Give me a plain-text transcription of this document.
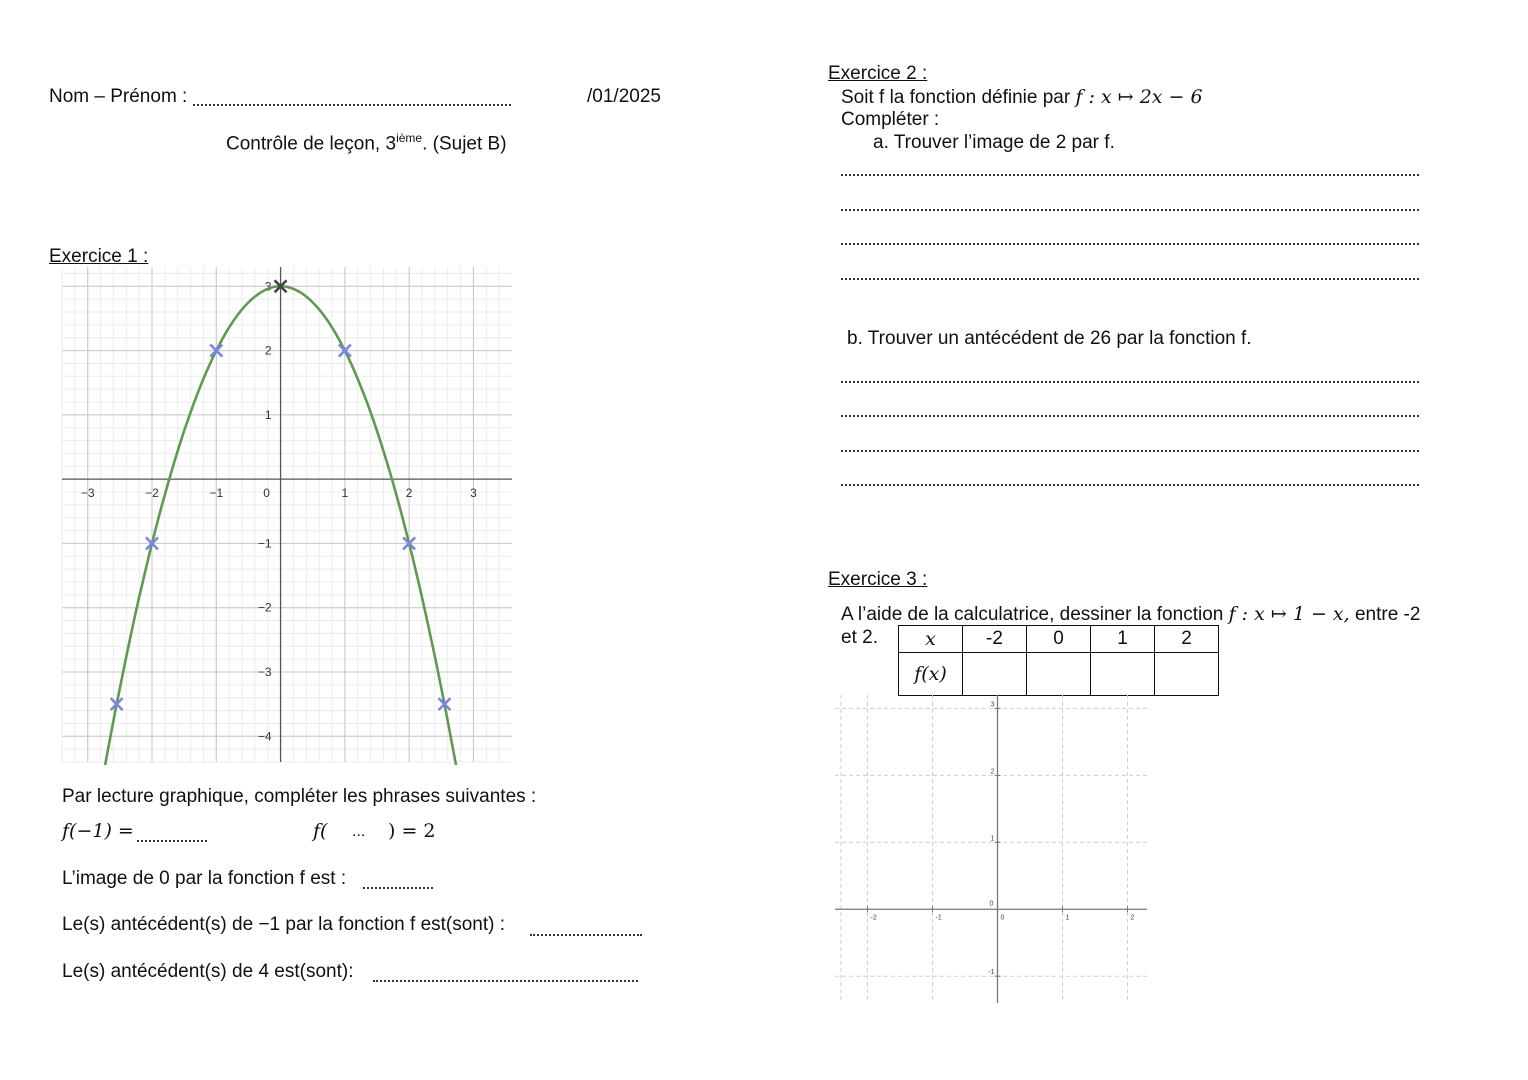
Nom – Prénom :	/01/2025
Contrôle de leçon, 3ième. (Sujet B)
Exercice 1 :
−3	−2	−1	0	1	2	3
−4
−3
−2
−1
1
2
3
Par lecture graphique, compléter les phrases suivantes :
f(−1) =	f( ... ) = 2
L’image de 0 par la fonction f est :
Le(s) antécédent(s) de −1 par la fonction f est(sont) :
Le(s) antécédent(s) de 4 est(sont):
Exercice 2 :
Soit f la fonction définie par f : x ↦ 2x − 6
Compléter :
a. Trouver l’image de 2 par f.
b. Trouver un antécédent de 26 par la fonction f.
Exercice 3 :
A l’aide de la calculatrice, dessiner la fonction f : x ↦ 1 − x, entre -2
et 2. x	-2	0	1	2
f(x)				
-2	-1	0	1	2
-1
0
1
2
3
